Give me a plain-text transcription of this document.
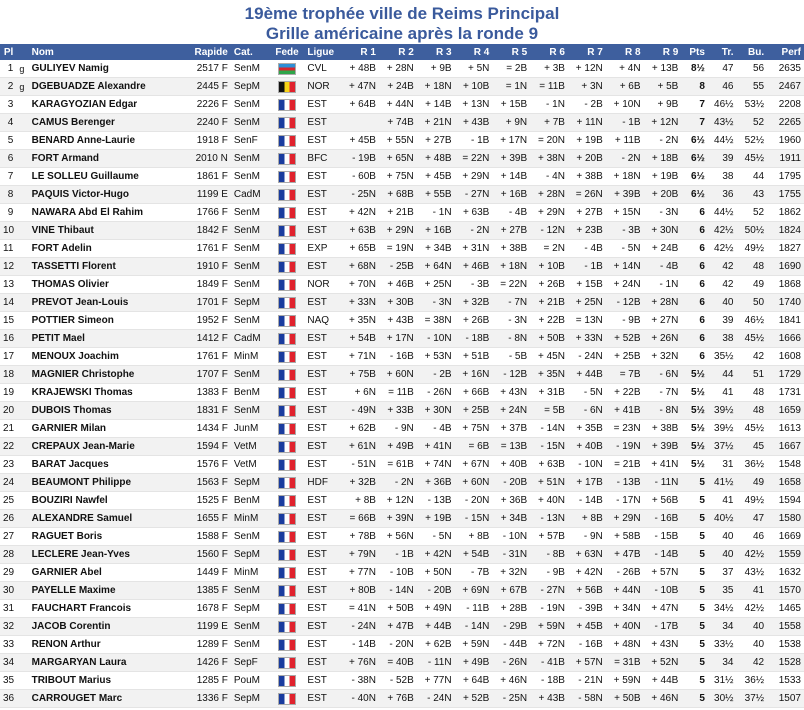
19ème trophée ville de Reims Principal
Grille américaine après la ronde 9
Pl		Nom	Rapide	Cat.	Fede	Ligue	R 1	R 2	R 3	R 4	R 5	R 6	R 7	R 8	R 9	Pts	Tr.	Bu.	Perf
1	g	GULIYEV Namig	2517 F	SenM		CVL	+ 48B	+ 28N	+ 9B	+ 5N	= 2B	+ 3B	+ 12N	+ 4N	+ 13B	8½	47	56	2635
2	g	DGEBUADZE Alexandre	2445 F	SepM		NOR	+ 47N	+ 24B	+ 18N	+ 10B	= 1N	= 11B	+ 3N	+ 6B	+ 5B	8	46	55	2467
3		KARAGYOZIAN Edgar	2226 F	SenM		EST	+ 64B	+ 44N	+ 14B	+ 13N	+ 15B	- 1N	- 2B	+ 10N	+ 9B	7	46½	53½	2208
4		CAMUS Berenger	2240 F	SenM		EST		+ 74B	+ 21N	+ 43B	+ 9N	+ 7B	+ 11N	- 1B	+ 12N	7	43½	52	2265
5		BENARD Anne-Laurie	1918 F	SenF		EST	+ 45B	+ 55N	+ 27B	- 1B	+ 17N	= 20N	+ 19B	+ 11B	- 2N	6½	44½	52½	1960
6		FORT Armand	2010 N	SenM		BFC	- 19B	+ 65N	+ 48B	= 22N	+ 39B	+ 38N	+ 20B	- 2N	+ 18B	6½	39	45½	1911
7		LE SOLLEU Guillaume	1861 F	SenM		EST	- 60B	+ 75N	+ 45B	+ 29N	+ 14B	- 4N	+ 38B	+ 18N	+ 19B	6½	38	44	1795
8		PAQUIS Victor-Hugo	1199 E	CadM		EST	- 25N	+ 68B	+ 55B	- 27N	+ 16B	+ 28N	= 26N	+ 39B	+ 20B	6½	36	43	1755
9		NAWARA Abd El Rahim	1766 F	SenM		EST	+ 42N	+ 21B	- 1N	+ 63B	- 4B	+ 29N	+ 27B	+ 15N	- 3N	6	44½	52	1862
10		VINE Thibaut	1842 F	SenM		EST	+ 63B	+ 29N	+ 16B	- 2N	+ 27B	- 12N	+ 23B	- 3B	+ 30N	6	42½	50½	1824
11		FORT Adelin	1761 F	SenM		EXP	+ 65B	= 19N	+ 34B	+ 31N	+ 38B	= 2N	- 4B	- 5N	+ 24B	6	42½	49½	1827
12		TASSETTI Florent	1910 F	SenM		EST	+ 68N	- 25B	+ 64N	+ 46B	+ 18N	+ 10B	- 1B	+ 14N	- 4B	6	42	48	1690
13		THOMAS Olivier	1849 F	SenM		NOR	+ 70N	+ 46B	+ 25N	- 3B	= 22N	+ 26B	+ 15B	+ 24N	- 1N	6	42	49	1868
14		PREVOT Jean-Louis	1701 F	SepM		EST	+ 33N	+ 30B	- 3N	+ 32B	- 7N	+ 21B	+ 25N	- 12B	+ 28N	6	40	50	1740
15		POTTIER Simeon	1952 F	SenM		NAQ	+ 35N	+ 43B	= 38N	+ 26B	- 3N	+ 22B	= 13N	- 9B	+ 27N	6	39	46½	1841
16		PETIT Mael	1412 F	CadM		EST	+ 54B	+ 17N	- 10N	- 18B	- 8N	+ 50B	+ 33N	+ 52B	+ 26N	6	38	45½	1666
17		MENOUX Joachim	1761 F	MinM		EST	+ 71N	- 16B	+ 53N	+ 51B	- 5B	+ 45N	- 24N	+ 25B	+ 32N	6	35½	42	1608
18		MAGNIER Christophe	1707 F	SenM		EST	+ 75B	+ 60N	- 2B	+ 16N	- 12B	+ 35N	+ 44B	= 7B	- 6N	5½	44	51	1729
19		KRAJEWSKI Thomas	1383 F	BenM		EST	+ 6N	= 11B	- 26N	+ 66B	+ 43N	+ 31B	- 5N	+ 22B	- 7N	5½	41	48	1731
20		DUBOIS Thomas	1831 F	SenM		EST	- 49N	+ 33B	+ 30N	+ 25B	+ 24N	= 5B	- 6N	+ 41B	- 8N	5½	39½	48	1659
21		GARNIER Milan	1434 F	JunM		EST	+ 62B	- 9N	- 4B	+ 75N	+ 37B	- 14N	+ 35B	= 23N	+ 38B	5½	39½	45½	1613
22		CREPAUX Jean-Marie	1594 F	VetM		EST	+ 61N	+ 49B	+ 41N	= 6B	= 13B	- 15N	+ 40B	- 19N	+ 39B	5½	37½	45	1667
23		BARAT Jacques	1576 F	VetM		EST	- 51N	= 61B	+ 74N	+ 67N	+ 40B	+ 63B	- 10N	= 21B	+ 41N	5½	31	36½	1548
24		BEAUMONT Philippe	1563 F	SepM		HDF	+ 32B	- 2N	+ 36B	+ 60N	- 20B	+ 51N	+ 17B	- 13B	- 11N	5	41½	49	1658
25		BOUZIRI Nawfel	1525 F	BenM		EST	+ 8B	+ 12N	- 13B	- 20N	+ 36B	+ 40N	- 14B	- 17N	+ 56B	5	41	49½	1594
26		ALEXANDRE Samuel	1655 F	MinM		EST	= 66B	+ 39N	+ 19B	- 15N	+ 34B	- 13N	+ 8B	+ 29N	- 16B	5	40½	47	1580
27		RAGUET Boris	1588 F	SenM		EST	+ 78B	+ 56N	- 5N	+ 8B	- 10N	+ 57B	- 9N	+ 58B	- 15B	5	40	46	1669
28		LECLERE Jean-Yves	1560 F	SepM		EST	+ 79N	- 1B	+ 42N	+ 54B	- 31N	- 8B	+ 63N	+ 47B	- 14B	5	40	42½	1559
29		GARNIER Abel	1449 F	MinM		EST	+ 77N	- 10B	+ 50N	- 7B	+ 32N	- 9B	+ 42N	- 26B	+ 57N	5	37	43½	1632
30		PAYELLE Maxime	1385 F	SenM		EST	+ 80B	- 14N	- 20B	+ 69N	+ 67B	- 27N	+ 56B	+ 44N	- 10B	5	35	41	1570
31		FAUCHART Francois	1678 F	SepM		EST	= 41N	+ 50B	+ 49N	- 11B	+ 28B	- 19N	- 39B	+ 34N	+ 47N	5	34½	42½	1465
32		JACOB Corentin	1199 E	SenM		EST	- 24N	+ 47B	+ 44B	- 14N	- 29B	+ 59N	+ 45B	+ 40N	- 17B	5	34	40	1558
33		RENON Arthur	1289 F	SenM		EST	- 14B	- 20N	+ 62B	+ 59N	- 44B	+ 72N	- 16B	+ 48N	+ 43N	5	33½	40	1538
34		MARGARYAN Laura	1426 F	SepF		EST	+ 76N	= 40B	- 11N	+ 49B	- 26N	- 41B	+ 57N	= 31B	+ 52N	5	34	42	1528
35		TRIBOUT Marius	1285 F	PouM		EST	- 38N	- 52B	+ 77N	+ 64B	+ 46N	- 18B	- 21N	+ 59N	+ 44B	5	31½	36½	1533
36		CARROUGET Marc	1336 F	SepM		EST	- 40N	+ 76B	- 24N	+ 52B	- 25N	+ 43B	- 58N	+ 50B	+ 46N	5	30½	37½	1507
